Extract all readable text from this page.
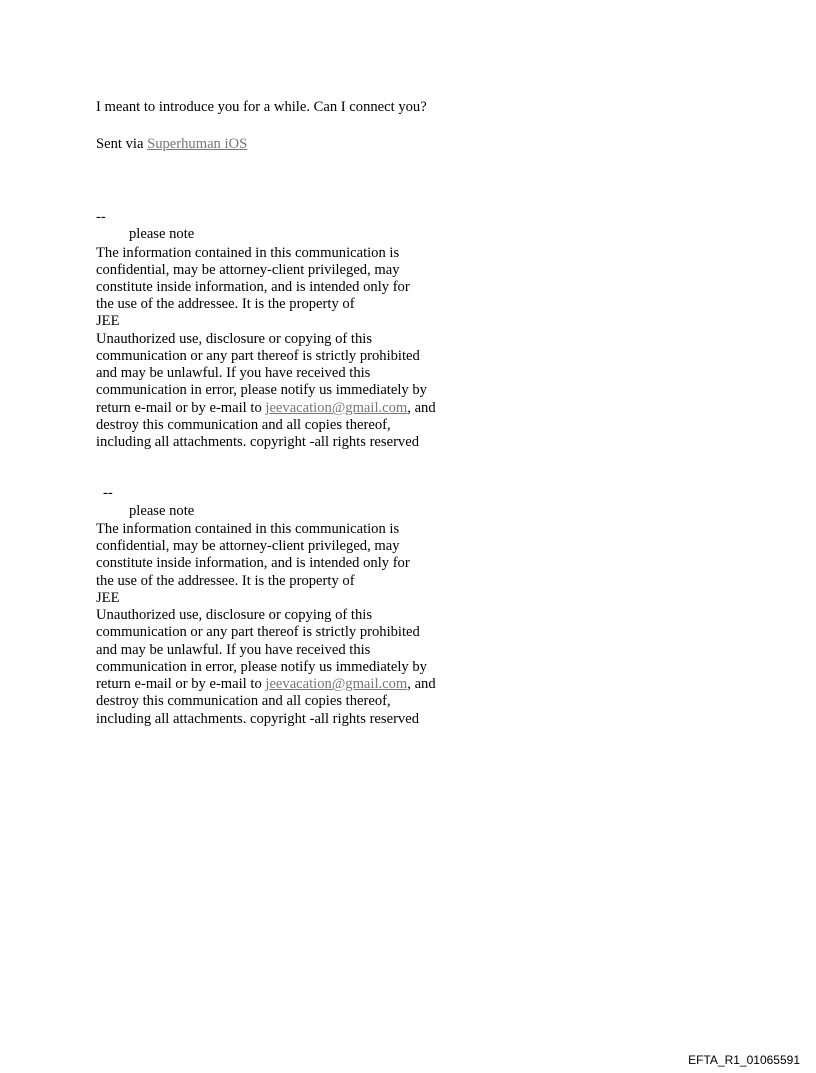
I meant to introduce you for a while. Can I connect you?
Sent via Superhuman iOS
--
please note
The information contained in this communication is
confidential, may be attorney-client privileged, may
constitute inside information, and is intended only for
the use of the addressee. It is the property of
JEE
Unauthorized use, disclosure or copying of this
communication or any part thereof is strictly prohibited
and may be unlawful. If you have received this
communication in error, please notify us immediately by
return e-mail or by e-mail to jeevacation@gmail.com, and
destroy this communication and all copies thereof,
including all attachments. copyright -all rights reserved
--
please note
The information contained in this communication is
confidential, may be attorney-client privileged, may
constitute inside information, and is intended only for
the use of the addressee. It is the property of
JEE
Unauthorized use, disclosure or copying of this
communication or any part thereof is strictly prohibited
and may be unlawful. If you have received this
communication in error, please notify us immediately by
return e-mail or by e-mail to jeevacation@gmail.com, and
destroy this communication and all copies thereof,
including all attachments. copyright -all rights reserved
EFTA_R1_01065591
